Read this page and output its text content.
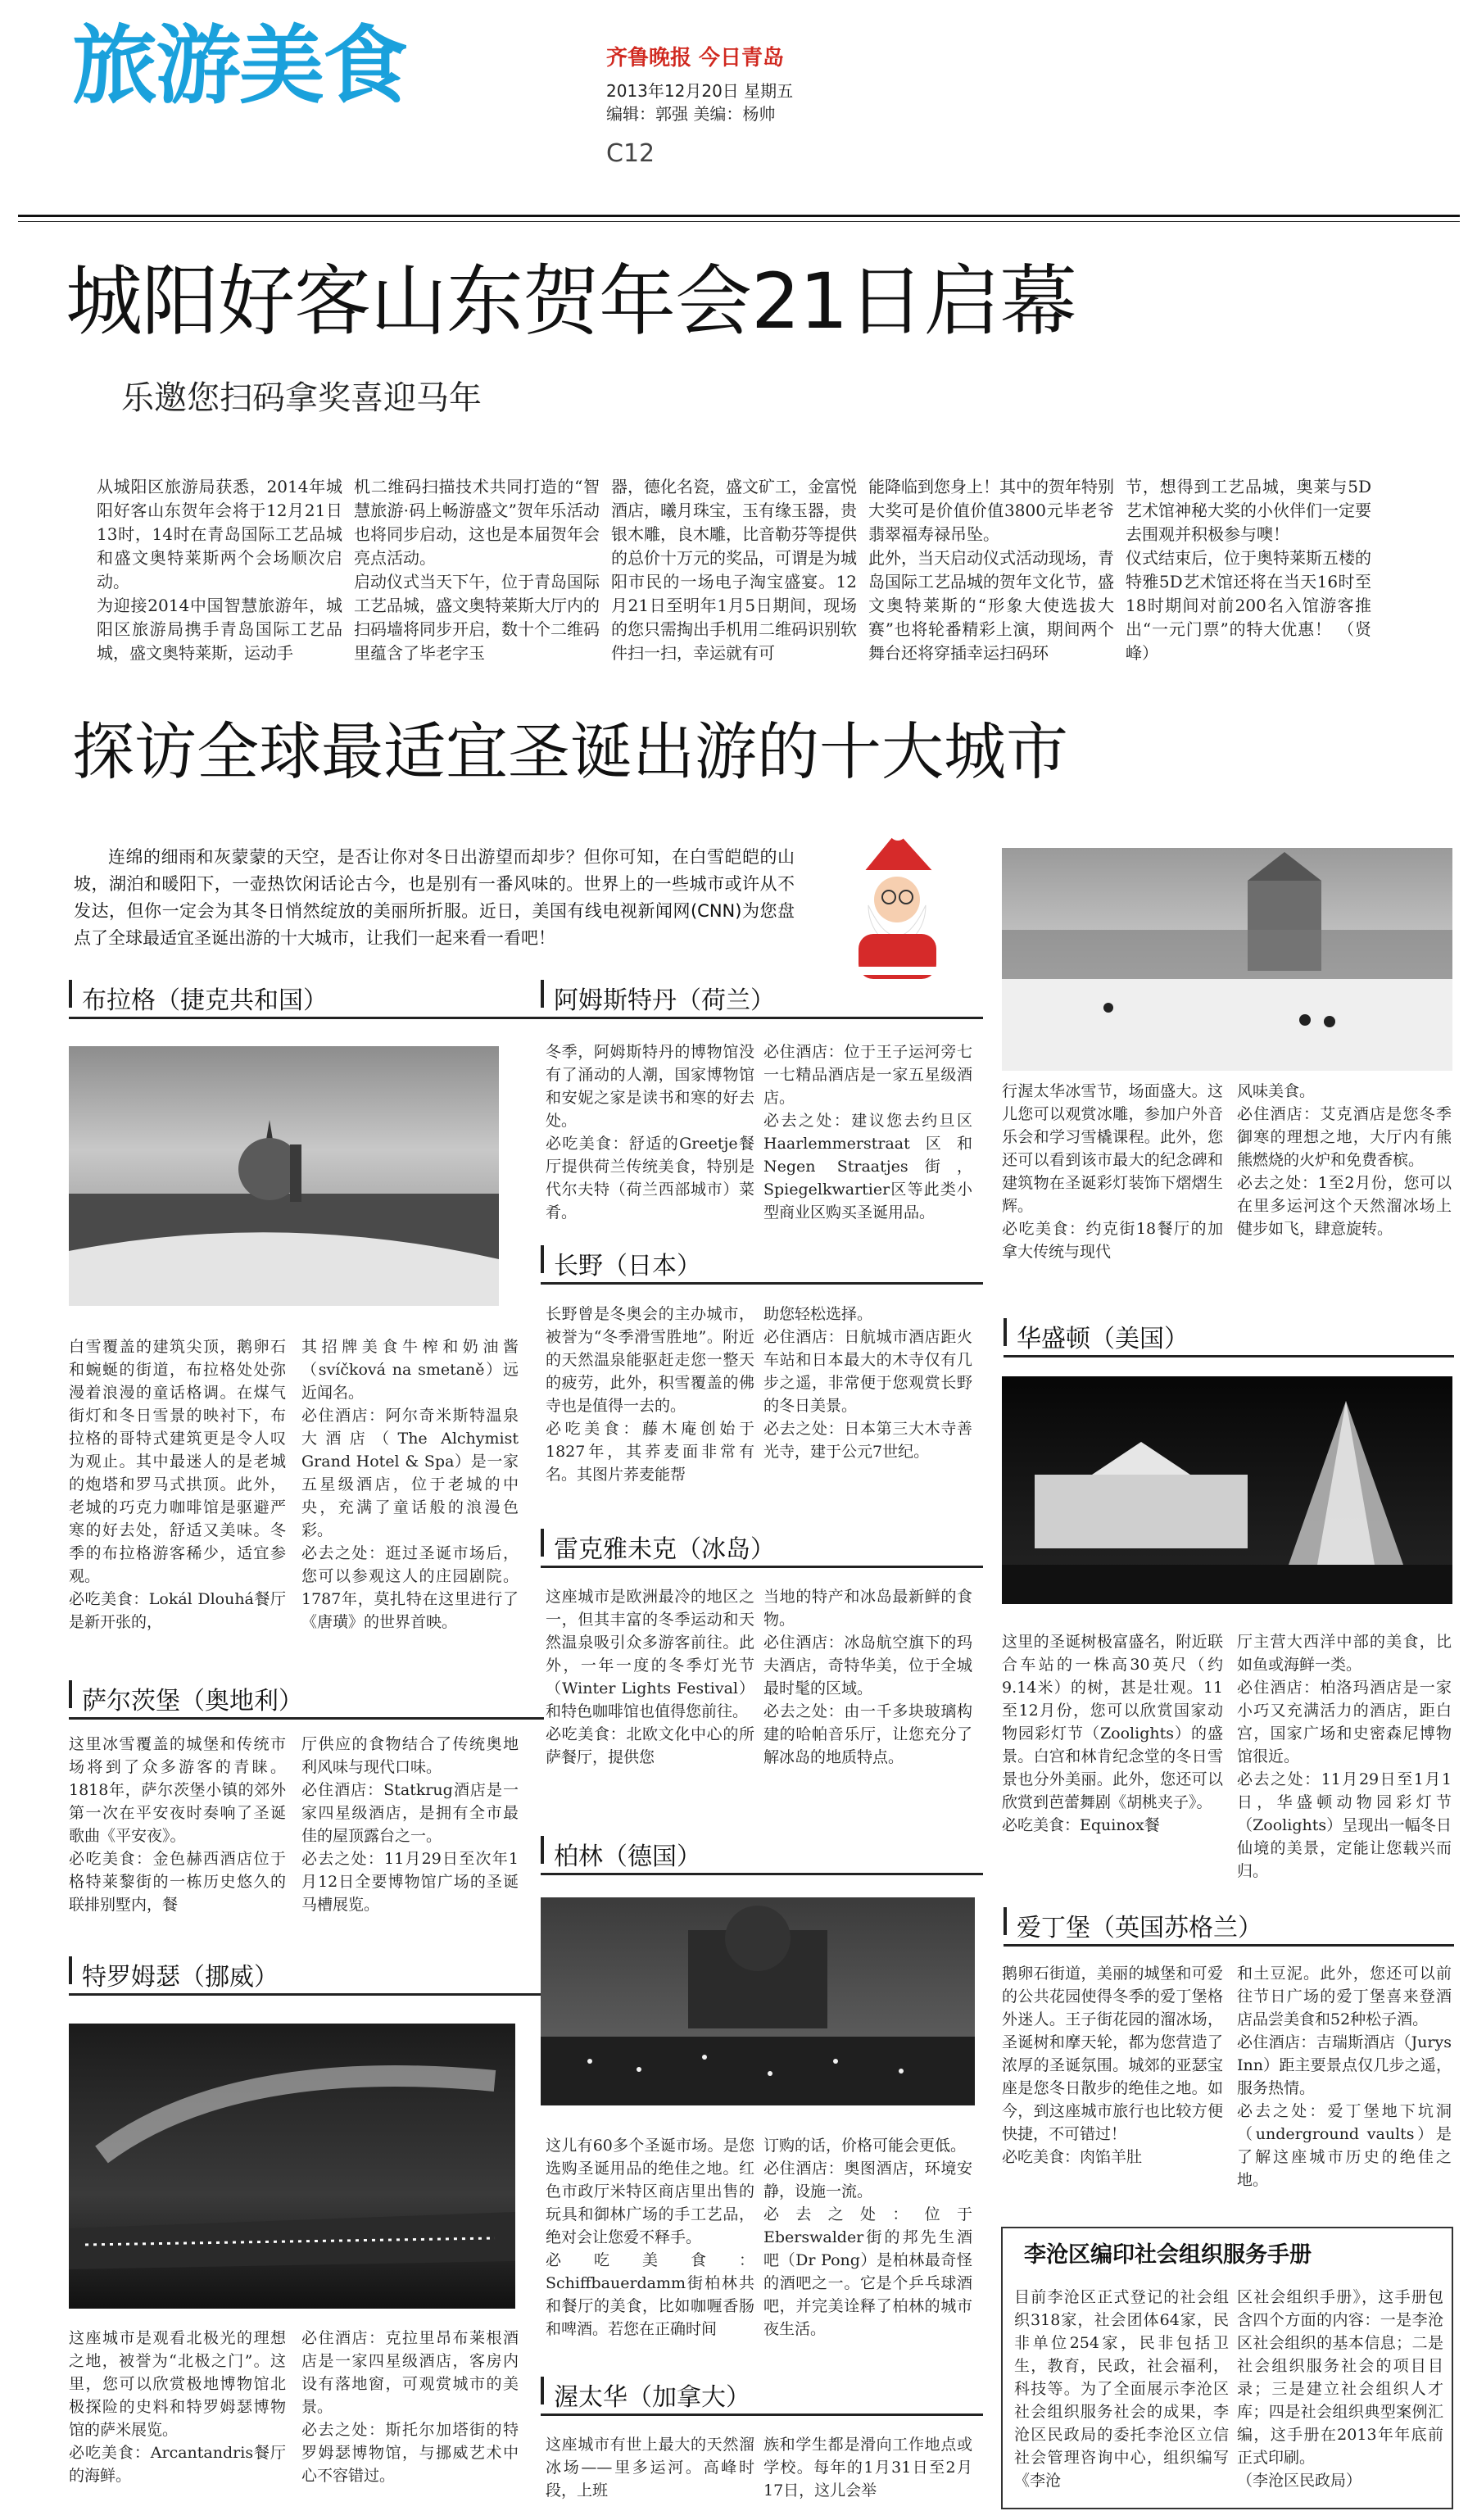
旅游美食	齐鲁晚报 今日青岛
2013年12月20日 星期五
编辑：郭强 美编：杨帅
C12
城阳好客山东贺年会21日启幕
乐邀您扫码拿奖喜迎马年
从城阳区旅游局获悉，2014年城阳好客山东贺年会将于12月21日13时，14时在青岛国际工艺品城和盛文奥特莱斯两个会场顺次启动。
为迎接2014中国智慧旅游年，城阳区旅游局携手青岛国际工艺品城，盛文奥特莱斯，运动手
机二维码扫描技术共同打造的“智慧旅游·码上畅游盛文”贺年乐活动也将同步启动，这也是本届贺年会亮点活动。
启动仪式当天下午，位于青岛国际工艺品城，盛文奥特莱斯大厅内的扫码墙将同步开启，数十个二维码里蕴含了毕老字玉
器，德化名瓷，盛文矿工，金富悦酒店，曦月珠宝，玉有缘玉器，贵银木雕，良木雕，比音勒芬等提供的总价十万元的奖品，可谓是为城阳市民的一场电子淘宝盛宴。12月21日至明年1月5日期间，现场的您只需掏出手机用二维码识别软件扫一扫，幸运就有可
能降临到您身上！其中的贺年特别大奖可是价值价值3800元毕老爷翡翠福寿禄吊坠。
此外，当天启动仪式活动现场，青岛国际工艺品城的贺年文化节，盛文奥特莱斯的“形象大使选拔大赛”也将轮番精彩上演，期间两个舞台还将穿插幸运扫码环
节，想得到工艺品城，奥莱与5D艺术馆神秘大奖的小伙伴们一定要去围观并积极参与噢！
仪式结束后，位于奥特莱斯五楼的特雅5D艺术馆还将在当天16时至18时期间对前200名入馆游客推出“一元门票”的特大优惠！ （贤峰）
探访全球最适宜圣诞出游的十大城市
连绵的细雨和灰蒙蒙的天空，是否让你对冬日出游望而却步？但你可知，在白雪皑皑的山坡，湖泊和暖阳下，一壶热饮闲话论古今，也是别有一番风味的。世界上的一些城市或许从不发达，但你一定会为其冬日悄然绽放的美丽所折服。近日，美国有线电视新闻网(CNN)为您盘点了全球最适宜圣诞出游的十大城市，让我们一起来看一看吧！
布拉格（捷克共和国）
白雪覆盖的建筑尖顶，鹅卵石和蜿蜒的街道，布拉格处处弥漫着浪漫的童话格调。在煤气街灯和冬日雪景的映衬下，布拉格的哥特式建筑更是令人叹为观止。其中最迷人的是老城的炮塔和罗马式拱顶。此外，老城的巧克力咖啡馆是驱避严寒的好去处，舒适又美味。冬季的布拉格游客稀少，适宜参观。
必吃美食：Lokál Dlouhá餐厅是新开张的，
其招牌美食牛榨和奶油酱（svíčková na smetaně）远近闻名。
必住酒店：阿尔奇米斯特温泉大酒店（The Alchymist Grand Hotel & Spa）是一家五星级酒店，位于老城的中央，充满了童话般的浪漫色彩。
必去之处：逛过圣诞市场后，您可以参观这人的庄园剧院。1787年，莫扎特在这里进行了《唐璜》的世界首映。
萨尔茨堡（奥地利）
这里冰雪覆盖的城堡和传统市场将到了众多游客的青睐。1818年，萨尔茨堡小镇的郊外第一次在平安夜时奏响了圣诞歌曲《平安夜》。
必吃美食：金色赫西酒店位于格特莱黎街的一栋历史悠久的联排别墅内，餐
厅供应的食物结合了传统奥地利风味与现代口味。
必住酒店：Statkrug酒店是一家四星级酒店，是拥有全市最佳的屋顶露台之一。
必去之处：11月29日至次年1月12日全要博物馆广场的圣诞马槽展览。
特罗姆瑟（挪威）
这座城市是观看北极光的理想之地，被誉为“北极之门”。这里，您可以欣赏极地博物馆北极探险的史料和特罗姆瑟博物馆的萨米展览。
必吃美食：Arcantandris餐厅的海鲜。
必住酒店：克拉里昂布莱根酒店是一家四星级酒店，客房内设有落地窗，可观赏城市的美景。
必去之处：斯托尔加塔街的特罗姆瑟博物馆，与挪威艺术中心不容错过。
阿姆斯特丹（荷兰）
冬季，阿姆斯特丹的博物馆没有了涌动的人潮，国家博物馆和安妮之家是读书和寒的好去处。
必吃美食：舒适的Greetje餐厅提供荷兰传统美食，特别是代尔夫特（荷兰西部城市）菜肴。
必住酒店：位于王子运河旁七一七精品酒店是一家五星级酒店。
必去之处：建议您去约旦区Haarlemmerstraat区和Negen Straatjes街，Spiegelkwartier区等此类小型商业区购买圣诞用品。
长野（日本）
长野曾是冬奥会的主办城市，被誉为“冬季滑雪胜地”。附近的天然温泉能驱赶走您一整天的疲劳，此外，积雪覆盖的佛寺也是值得一去的。
必吃美食：藤木庵创始于1827年，其荞麦面非常有名。其图片荞麦能帮
助您轻松选择。
必住酒店：日航城市酒店距火车站和日本最大的木寺仅有几步之遥，非常便于您观赏长野的冬日美景。
必去之处：日本第三大木寺善光寺，建于公元7世纪。
雷克雅未克（冰岛）
这座城市是欧洲最冷的地区之一，但其丰富的冬季运动和天然温泉吸引众多游客前往。此外，一年一度的冬季灯光节（Winter Lights Festival）和特色咖啡馆也值得您前往。
必吃美食：北欧文化中心的所萨餐厅，提供您
当地的特产和冰岛最新鲜的食物。
必住酒店：冰岛航空旗下的玛夫酒店，奇特华美，位于全城最时髦的区域。
必去之处：由一千多块玻璃构建的哈帕音乐厅，让您充分了解冰岛的地质特点。
柏林（德国）
这儿有60多个圣诞市场。是您选购圣诞用品的绝佳之地。红色市政厅米特区商店里出售的玩具和御林广场的手工艺品，绝对会让您爱不释手。
必吃美食：Schiffbauerdamm街柏林共和餐厅的美食，比如咖喱香肠和啤酒。若您在正确时间
订购的话，价格可能会更低。
必住酒店：奥图酒店，环境安静，设施一流。
必去之处：位于Eberswalder街的邦先生酒吧（Dr Pong）是柏林最奇怪的酒吧之一。它是个乒乓球酒吧，并完美诠释了柏林的城市夜生活。
渥太华（加拿大）
这座城市有世上最大的天然溜冰场——里多运河。高峰时段，上班
族和学生都是滑向工作地点或学校。每年的1月31日至2月17日，这儿会举
行渥太华冰雪节，场面盛大。这儿您可以观赏冰雕，参加户外音乐会和学习雪橇课程。此外，您还可以看到该市最大的纪念碑和建筑物在圣诞彩灯装饰下熠熠生辉。
必吃美食：约克街18餐厅的加拿大传统与现代
风味美食。
必住酒店：艾克酒店是您冬季御寒的理想之地，大厅内有熊熊燃烧的火炉和免费香槟。
必去之处：1至2月份，您可以在里多运河这个天然溜冰场上健步如飞，肆意旋转。
华盛顿（美国）
这里的圣诞树极富盛名，附近联合车站的一株高30英尺（约9.14米）的树，甚是壮观。11至12月份，您可以欣赏国家动物园彩灯节（Zoolights）的盛景。白宫和林肯纪念堂的冬日雪景也分外美丽。此外，您还可以欣赏到芭蕾舞剧《胡桃夹子》。
必吃美食：Equinox餐
厅主营大西洋中部的美食，比如鱼或海鲜一类。
必住酒店：柏洛玛酒店是一家小巧又充满活力的酒店，距白宫，国家广场和史密森尼博物馆很近。
必去之处：11月29日至1月1日，华盛顿动物园彩灯节（Zoolights）呈现出一幅冬日仙境的美景，定能让您载兴而归。
爱丁堡（英国苏格兰）
鹅卵石街道，美丽的城堡和可爱的公共花园使得冬季的爱丁堡格外迷人。王子街花园的溜冰场，圣诞树和摩天轮，都为您营造了浓厚的圣诞氛围。城郊的亚瑟宝座是您冬日散步的绝佳之地。如今，到这座城市旅行也比较方便快捷，不可错过！
必吃美食：肉馅羊肚
和土豆泥。此外，您还可以前往节日广场的爱丁堡喜来登酒店品尝美食和52种松子酒。
必住酒店：吉瑞斯酒店（Jurys Inn）距主要景点仅几步之遥，服务热情。
必去之处：爱丁堡地下坑洞（underground vaults）是了解这座城市历史的绝佳之地。
李沧区编印社会组织服务手册
目前李沧区正式登记的社会组织318家，社会团体64家，民非单位254家，民非包括卫生，教育，民政，社会福利，科技等。为了全面展示李沧区社会组织服务社会的成果，李沧区民政局的委托李沧区立信社会管理咨询中心，组织编写《李沧
区社会组织手册》，这手册包含四个方面的内容：一是李沧区社会组织的基本信息；二是社会组织服务社会的项目目录；三是建立社会组织人才库；四是社会组织典型案例汇编，这手册在2013年年底前正式印刷。
（李沧区民政局）
